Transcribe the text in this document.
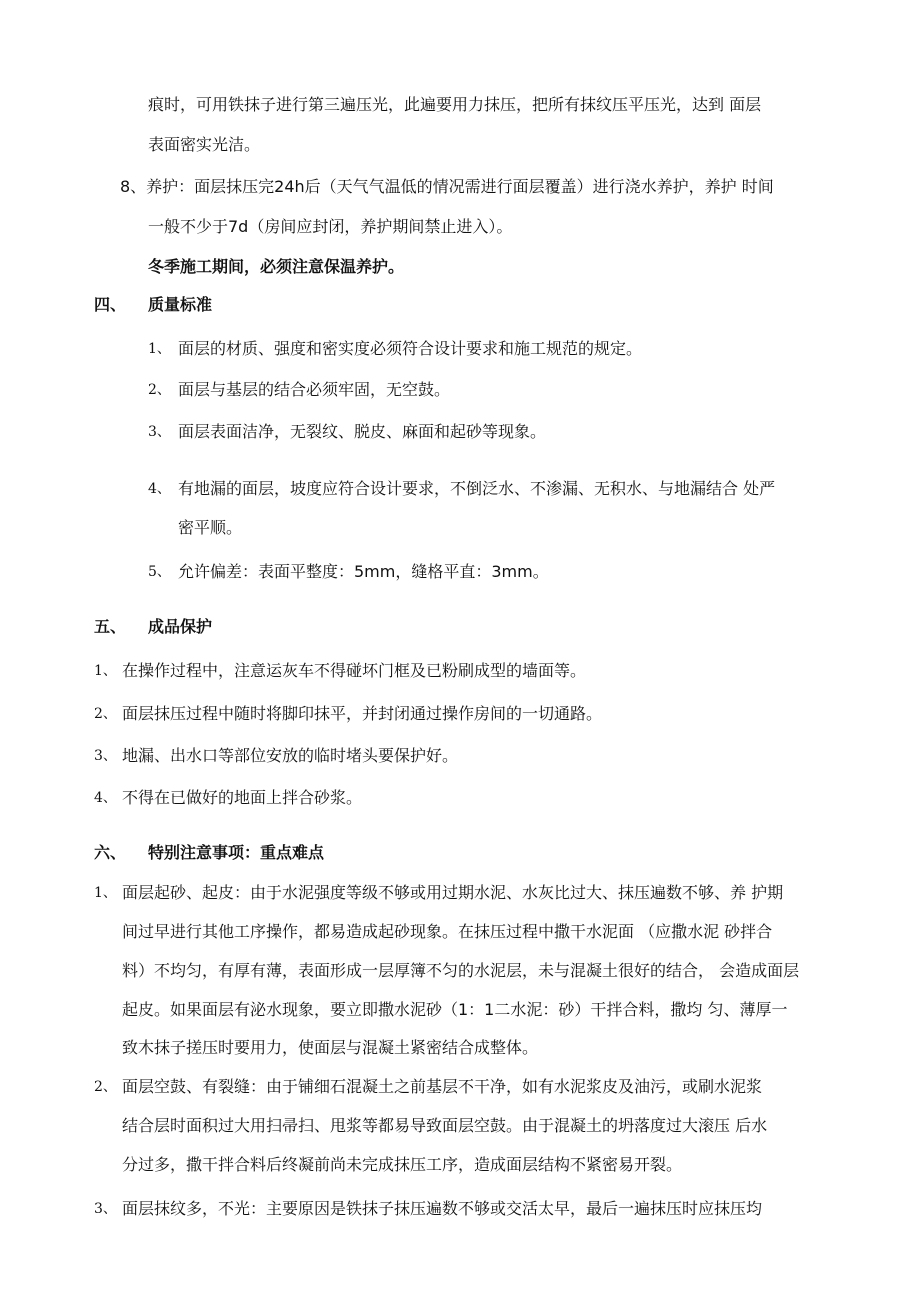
痕时，可用铁抹子进行第三遍压光，此遍要用力抹压，把所有抹纹压平压光，达到 面层
表面密实光洁。
8、养护：面层抹压完24h后（天气气温低的情况需进行面层覆盖）进行浇水养护，养护 时间
一般不少于7d（房间应封闭，养护期间禁止进入）。
冬季施工期间，必须注意保温养护。
四、 质量标准
1、 面层的材质、强度和密实度必须符合设计要求和施工规范的规定。
2、 面层与基层的结合必须牢固，无空鼓。
3、 面层表面洁净，无裂纹、脱皮、麻面和起砂等现象。
4、 有地漏的面层，坡度应符合设计要求，不倒泛水、不渗漏、无积水、与地漏结合 处严
密平顺。
5、 允许偏差：表面平整度：5mm，缝格平直：3mm。
五、 成品保护
1、 在操作过程中，注意运灰车不得碰坏门框及已粉刷成型的墙面等。
2、 面层抹压过程中随时将脚印抹平，并封闭通过操作房间的一切通路。
3、 地漏、出水口等部位安放的临时堵头要保护好。
4、 不得在已做好的地面上拌合砂浆。
六、 特别注意事项：重点难点
1、 面层起砂、起皮：由于水泥强度等级不够或用过期水泥、水灰比过大、抹压遍数不够、养 护期
间过早进行其他工序操作，都易造成起砂现象。在抹压过程中撒干水泥面 （应撒水泥 砂拌合
料）不均匀，有厚有薄，表面形成一层厚簿不匀的水泥层，未与混凝土很好的结合， 会造成面层
起皮。如果面层有泌水现象，要立即撒水泥砂（1：1二水泥：砂）干拌合料，撒均 匀、薄厚一
致木抹子搓压时要用力，使面层与混凝土紧密结合成整体。
2、 面层空鼓、有裂缝：由于铺细石混凝土之前基层不干净，如有水泥浆皮及油污，或刷水泥浆
结合层时面积过大用扫帚扫、甩浆等都易导致面层空鼓。由于混凝土的坍落度过大滚压 后水
分过多，撒干拌合料后终凝前尚未完成抹压工序，造成面层结构不紧密易开裂。
3、 面层抹纹多，不光：主要原因是铁抹子抹压遍数不够或交活太早，最后一遍抹压时应抹压均
